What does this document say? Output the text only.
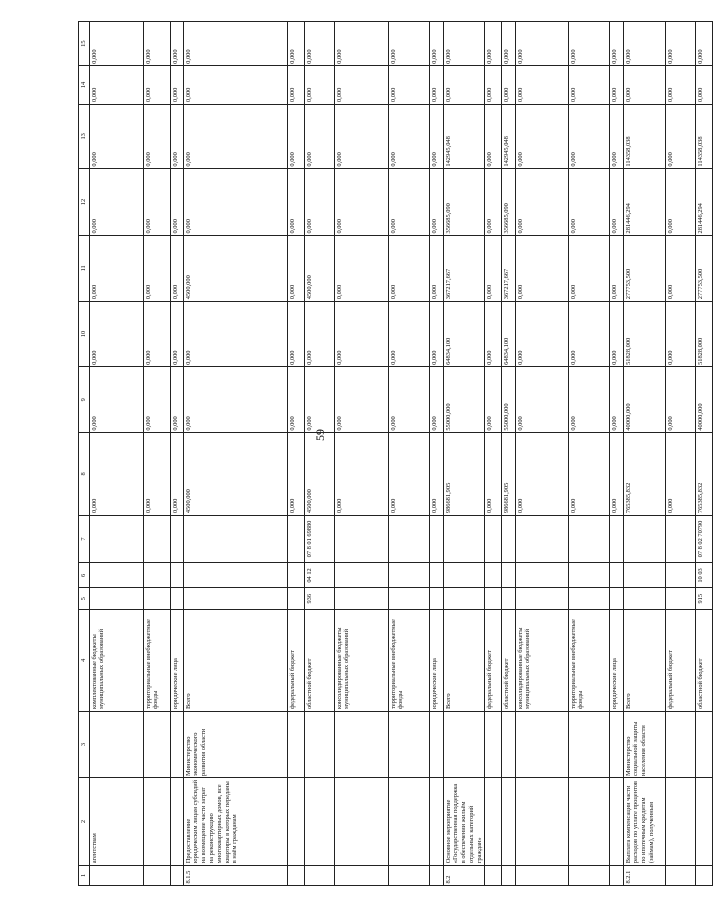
59
1	2	3	4	5	6	7	8	9	10	11	12	13	14	15
	агентствам		комплектованные бюджеты муниципальных образований				0,000	0,000	0,000	0,000	0,000	0,000	0,000	0,000
			территориальные внебюджетные фонды				0,000	0,000	0,000	0,000	0,000	0,000	0,000	0,000
			юридические лица				0,000	0,000	0,000	0,000	0,000	0,000	0,000	0,000
8.1.5	Предоставление юридическим лицам субсидий на возмещение части затрат на реконструкцию многоквартирных домов, все квартиры в которых переданы в наём гражданам	Министерство экономического развития области	Всего				4500,000	0,000	0,000	4500,000	0,000	0,000	0,000	0,000
			федеральный бюджет				0,000	0,000	0,000	0,000	0,000	0,000	0,000	0,000
			областной бюджет	936	04 12	07 8 01 69880	4500,000	0,000	0,000	4500,000	0,000	0,000	0,000	0,000
			консолидированные бюджеты муниципальных образований				0,000	0,000	0,000	0,000	0,000	0,000	0,000	0,000
			территориальные внебюджетные фонды				0,000	0,000	0,000	0,000	0,000	0,000	0,000	0,000
			юридические лица				0,000	0,000	0,000	0,000	0,000	0,000	0,000	0,000
8.2	Основное мероприятие «Государственная поддержка в обеспечении жильём отдельных категорий граждан»		Всего				986681,905	55000,000	64834,100	367217,667	356685,090	142945,048	0,000	0,000
			федеральный бюджет				0,000	0,000	0,000	0,000	0,000	0,000	0,000	0,000
			областной бюджет				986681,905	55000,000	64834,100	367217,667	356685,090	142945,048	0,000	0,000
			консолидированные бюджеты муниципальных образований				0,000	0,000	0,000	0,000	0,000	0,000	0,000	0,000
			территориальные внебюджетные фонды				0,000	0,000	0,000	0,000	0,000	0,000	0,000	0,000
			юридические лица				0,000	0,000	0,000	0,000	0,000	0,000	0,000	0,000
8.2.1	Выплата компенсации части расходов по уплате процентов по ипотечным кредитам (займам), полученным	Министерство социальной защиты населения области	Всего				765385,832	40000,000	51828,000	277753,500	281446,294	114358,038	0,000	0,000
			федеральный бюджет				0,000	0,000	0,000	0,000	0,000	0,000	0,000	0,000
			областной бюджет	915	10 03	07 8 02 70790	765385,832	40000,000	51828,000	277753,500	281446,294	114358,038	0,000	0,000
